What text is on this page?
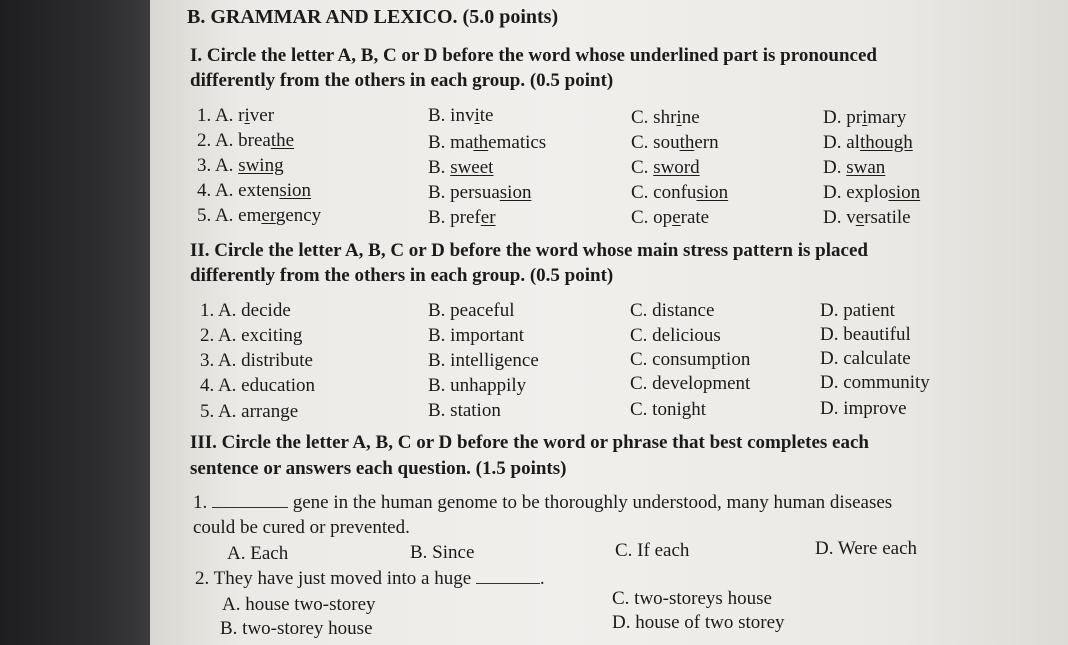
B. GRAMMAR AND LEXICO. (5.0 points)
I. Circle the letter A, B, C or D before the word whose underlined part is pronounced
differently from the others in each group. (0.5 point)
1. A. river	B. invite	C. shrine	D. primary
2. A. breathe	B. mathematics	C. southern	D. although
3. A. swing	B. sweet	C. sword	D. swan
4. A. extension	B. persuasion	C. confusion	D. explosion
5. A. emergency	B. prefer	C. operate	D. versatile
II. Circle the letter A, B, C or D before the word whose main stress pattern is placed
differently from the others in each group. (0.5 point)
1. A. decide	B. peaceful	C. distance	D. patient
2. A. exciting	B. important	C. delicious	D. beautiful
3. A. distribute	B. intelligence	C. consumption	D. calculate
4. A. education	B. unhappily	C. development	D. community
5. A. arrange	B. station	C. tonight	D. improve
III. Circle the letter A, B, C or D before the word or phrase that best completes each
sentence or answers each question. (1.5 points)
1.	gene in the human genome to be thoroughly understood, many human diseases
could be cured or prevented.
A. Each	B. Since	C. If each	D. Were each
2. They have just moved into a huge	.
A. house two-storey	C. two-storeys house
B. two-storey house	D. house of two storey
